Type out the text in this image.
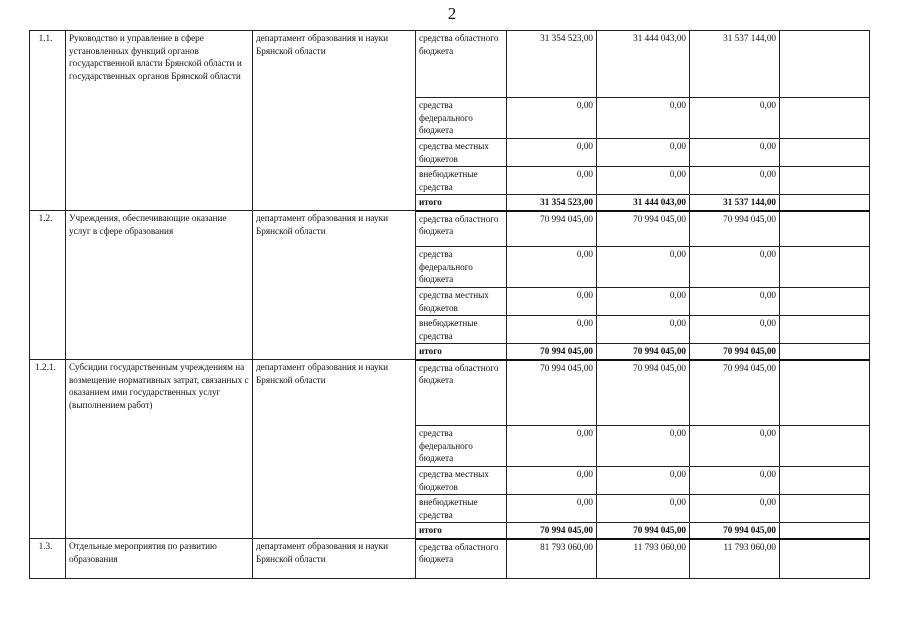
2
1.1.	Руководство и управление в сфере установленных функций органов государственной власти Брянской области и государственных органов Брянской области	департамент образования и науки Брянской области	средства областного бюджета	31 354 523,00	31 444 043,00	31 537 144,00	
			средства федерального бюджета	0,00	0,00	0,00	
			средства местных бюджетов	0,00	0,00	0,00	
			внебюджетные средства	0,00	0,00	0,00	
			итого	31 354 523,00	31 444 043,00	31 537 144,00	
1.2.	Учреждения, обеспечивающие оказание услуг в сфере образования	департамент образования и науки Брянской области	средства областного бюджета	70 994 045,00	70 994 045,00	70 994 045,00	
			средства федерального бюджета	0,00	0,00	0,00	
			средства местных бюджетов	0,00	0,00	0,00	
			внебюджетные средства	0,00	0,00	0,00	
			итого	70 994 045,00	70 994 045,00	70 994 045,00	
1.2.1.	Субсидии государственным учреждениям на возмещение нормативных затрат, связанных с оказанием ими государственных услуг (выполнением работ)	департамент образования и науки Брянской области	средства областного бюджета	70 994 045,00	70 994 045,00	70 994 045,00	
			средства федерального бюджета	0,00	0,00	0,00	
			средства местных бюджетов	0,00	0,00	0,00	
			внебюджетные средства	0,00	0,00	0,00	
			итого	70 994 045,00	70 994 045,00	70 994 045,00	
1.3.	Отдельные мероприятия по развитию образования	департамент образования и науки Брянской области	средства областного бюджета	81 793 060,00	11 793 060,00	11 793 060,00	
